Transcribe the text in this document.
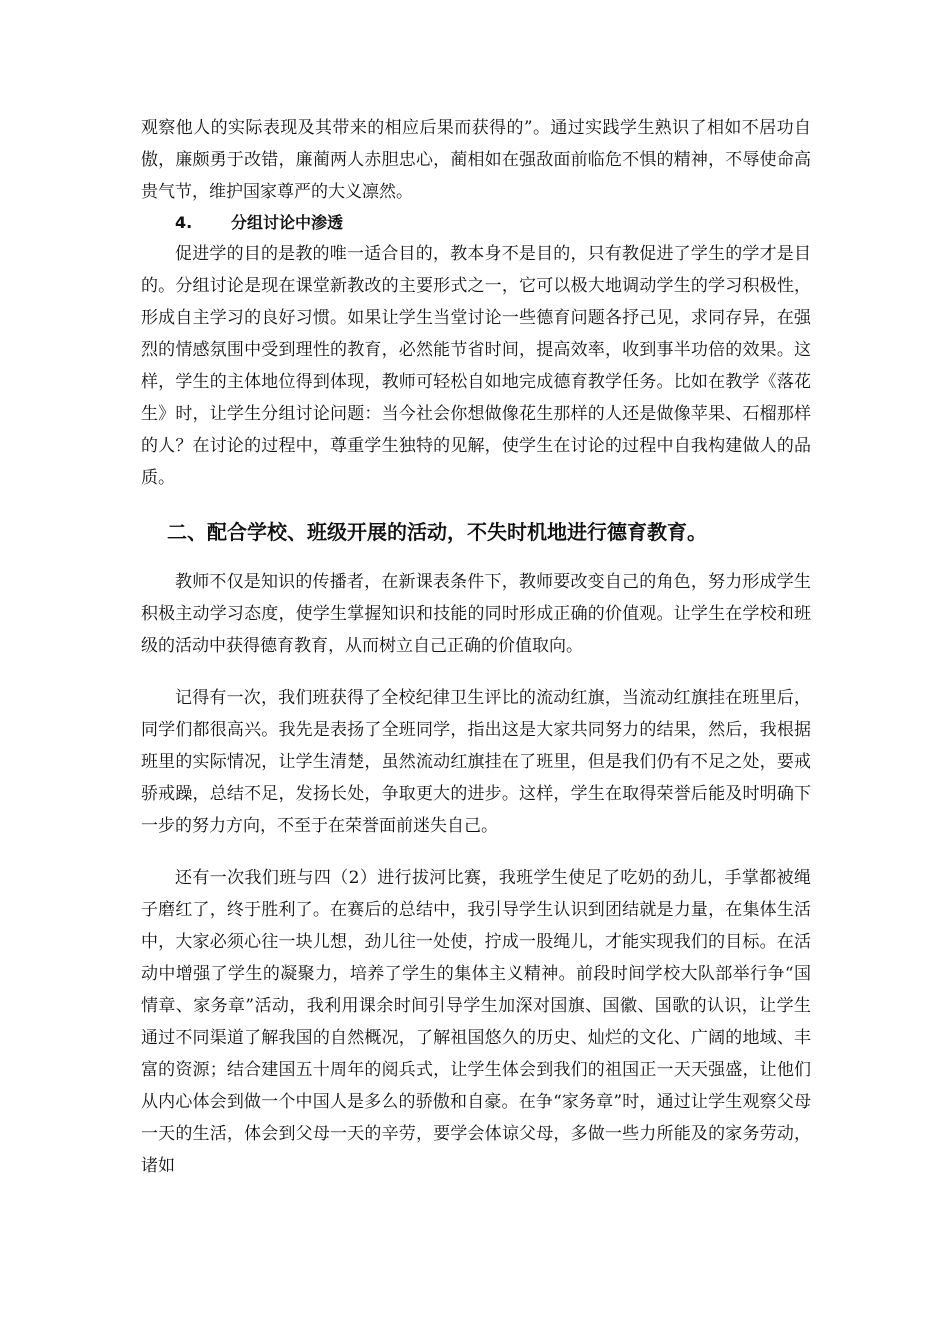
观察他人的实际表现及其带来的相应后果而获得的”。通过实践学生熟识了相如不居功自傲，廉颇勇于改错，廉蔺两人赤胆忠心，蔺相如在强敌面前临危不惧的精神，不辱使命高贵气节，维护国家尊严的大义凛然。

4. 分组讨论中渗透

促进学的目的是教的唯一适合目的，教本身不是目的，只有教促进了学生的学才是目的。分组讨论是现在课堂新教改的主要形式之一，它可以极大地调动学生的学习积极性，形成自主学习的良好习惯。如果让学生当堂讨论一些德育问题各抒己见，求同存异，在强烈的情感氛围中受到理性的教育，必然能节省时间，提高效率，收到事半功倍的效果。这样，学生的主体地位得到体现，教师可轻松自如地完成德育教学任务。比如在教学《落花生》时，让学生分组讨论问题：当今社会你想做像花生那样的人还是做像苹果、石榴那样的人？在讨论的过程中，尊重学生独特的见解，使学生在讨论的过程中自我构建做人的品质。

二、配合学校、班级开展的活动，不失时机地进行德育教育。

教师不仅是知识的传播者，在新课表条件下，教师要改变自己的角色，努力形成学生积极主动学习态度，使学生掌握知识和技能的同时形成正确的价值观。让学生在学校和班级的活动中获得德育教育，从而树立自己正确的价值取向。

记得有一次，我们班获得了全校纪律卫生评比的流动红旗，当流动红旗挂在班里后，同学们都很高兴。我先是表扬了全班同学，指出这是大家共同努力的结果，然后，我根据班里的实际情况，让学生清楚，虽然流动红旗挂在了班里，但是我们仍有不足之处，要戒骄戒躁，总结不足，发扬长处，争取更大的进步。这样，学生在取得荣誉后能及时明确下一步的努力方向，不至于在荣誉面前迷失自己。

还有一次我们班与四（2）进行拔河比赛，我班学生使足了吃奶的劲儿，手掌都被绳子磨红了，终于胜利了。在赛后的总结中，我引导学生认识到团结就是力量，在集体生活中，大家必须心往一块儿想，劲儿往一处使，拧成一股绳儿，才能实现我们的目标。在活动中增强了学生的凝聚力，培养了学生的集体主义精神。前段时间学校大队部举行争“国情章、家务章”活动，我利用课余时间引导学生加深对国旗、国徽、国歌的认识，让学生通过不同渠道了解我国的自然概况，了解祖国悠久的历史、灿烂的文化、广阔的地域、丰富的资源；结合建国五十周年的阅兵式，让学生体会到我们的祖国正一天天强盛，让他们从内心体会到做一个中国人是多么的骄傲和自豪。在争“家务章”时，通过让学生观察父母一天的生活，体会到父母一天的辛劳，要学会体谅父母，多做一些力所能及的家务劳动，诸如
